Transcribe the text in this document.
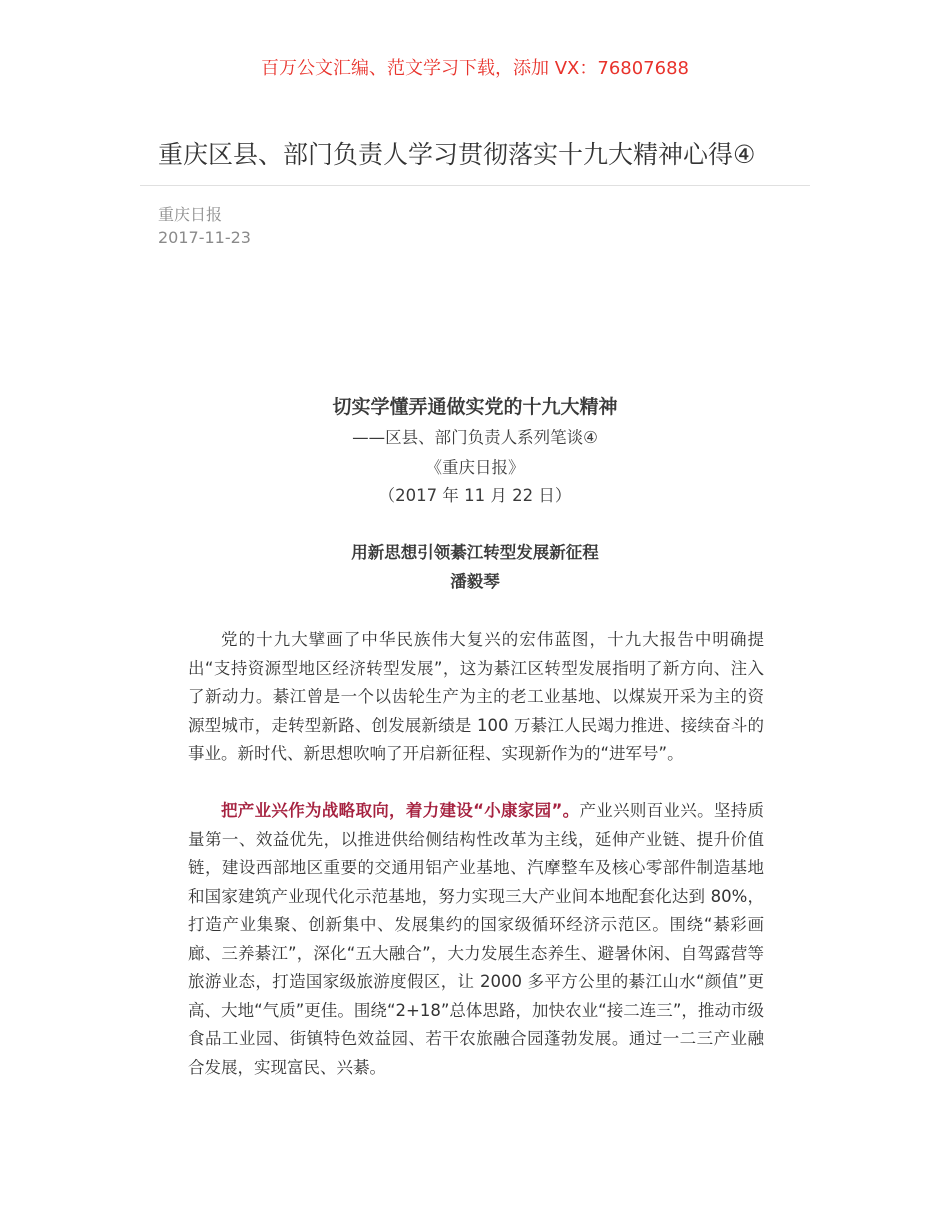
百万公文汇编、范文学习下载，添加 VX：76807688
重庆区县、部门负责人学习贯彻落实十九大精神心得④
重庆日报
2017-11-23
切实学懂弄通做实党的十九大精神
——区县、部门负责人系列笔谈④
《重庆日报》
（2017 年 11 月 22 日）
用新思想引领綦江转型发展新征程
潘毅琴
党的十九大擘画了中华民族伟大复兴的宏伟蓝图，十九大报告中明确提出“支持资源型地区经济转型发展”，这为綦江区转型发展指明了新方向、注入了新动力。綦江曾是一个以齿轮生产为主的老工业基地、以煤炭开采为主的资源型城市，走转型新路、创发展新绩是 100 万綦江人民竭力推进、接续奋斗的事业。新时代、新思想吹响了开启新征程、实现新作为的“进军号”。
把产业兴作为战略取向，着力建设“小康家园”。产业兴则百业兴。坚持质量第一、效益优先，以推进供给侧结构性改革为主线，延伸产业链、提升价值链，建设西部地区重要的交通用铝产业基地、汽摩整车及核心零部件制造基地和国家建筑产业现代化示范基地，努力实现三大产业间本地配套化达到 80%，打造产业集聚、创新集中、发展集约的国家级循环经济示范区。围绕“綦彩画廊、三养綦江”，深化“五大融合”，大力发展生态养生、避暑休闲、自驾露营等旅游业态，打造国家级旅游度假区，让 2000 多平方公里的綦江山水“颜值”更高、大地“气质”更佳。围绕“2+18”总体思路，加快农业“接二连三”，推动市级食品工业园、街镇特色效益园、若干农旅融合园蓬勃发展。通过一二三产业融合发展，实现富民、兴綦。
